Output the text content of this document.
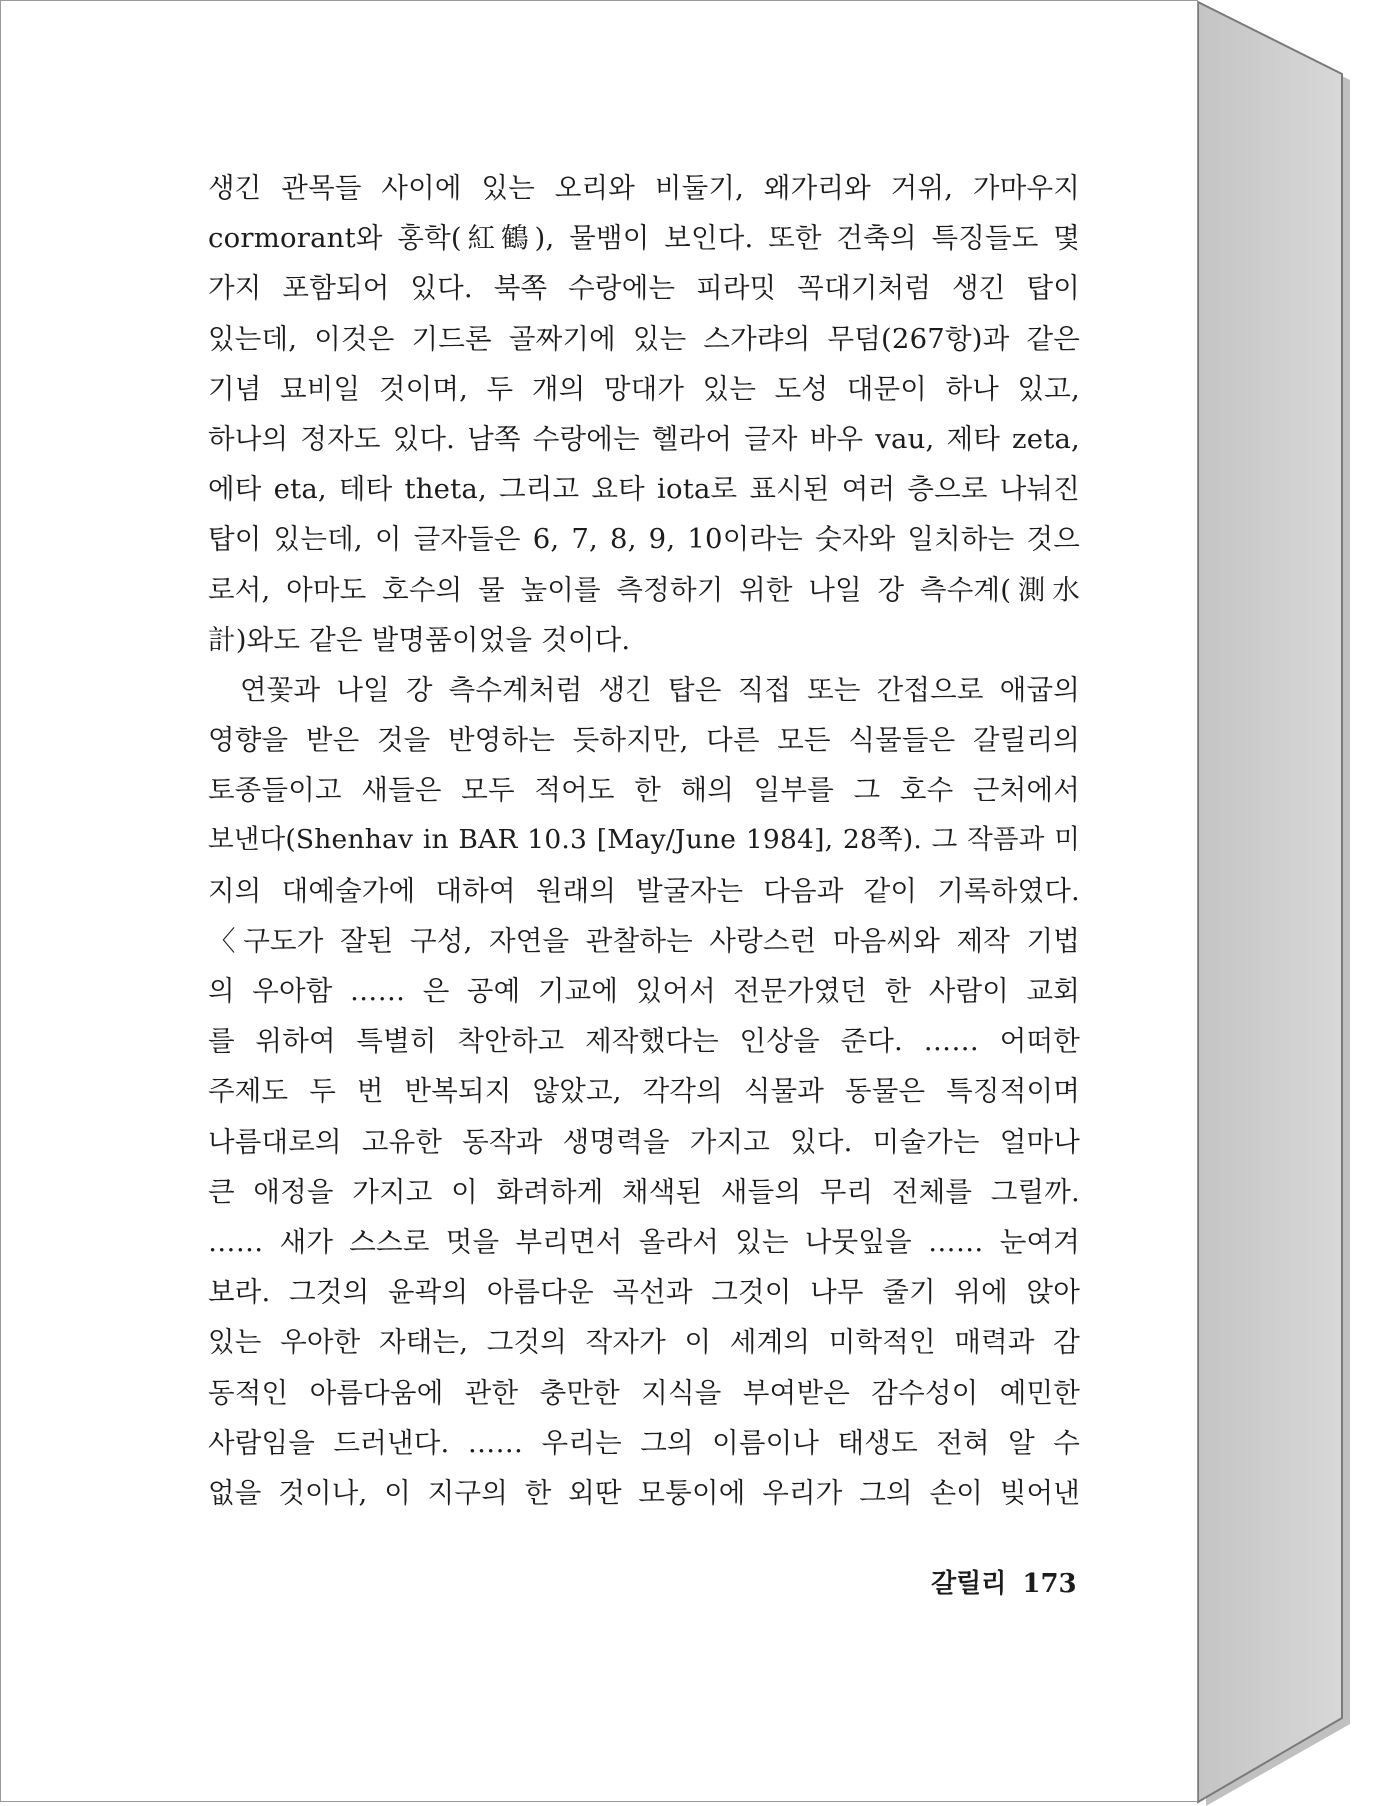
생긴 관목들 사이에 있는 오리와 비둘기, 왜가리와 거위, 가마우지
cormorant와 홍학(紅鶴), 물뱀이 보인다. 또한 건축의 특징들도 몇
가지 포함되어 있다. 북쪽 수랑에는 피라밋 꼭대기처럼 생긴 탑이
있는데, 이것은 기드론 골짜기에 있는 스가랴의 무덤(267항)과 같은
기념 묘비일 것이며, 두 개의 망대가 있는 도성 대문이 하나 있고,
하나의 정자도 있다. 남쪽 수랑에는 헬라어 글자 바우 vau, 제타 zeta,
에타 eta, 테타 theta, 그리고 요타 iota로 표시된 여러 층으로 나눠진
탑이 있는데, 이 글자들은 6, 7, 8, 9, 10이라는 숫자와 일치하는 것으
로서, 아마도 호수의 물 높이를 측정하기 위한 나일 강 측수계(測水
計)와도 같은 발명품이었을 것이다.
연꽃과 나일 강 측수계처럼 생긴 탑은 직접 또는 간접으로 애굽의
영향을 받은 것을 반영하는 듯하지만, 다른 모든 식물들은 갈릴리의
토종들이고 새들은 모두 적어도 한 해의 일부를 그 호수 근처에서
보낸다(Shenhav in BAR 10.3 [May/June 1984], 28쪽). 그 작픔과 미
지의 대예술가에 대하여 원래의 발굴자는 다음과 같이 기록하였다.
〈구도가 잘된 구성, 자연을 관찰하는 사랑스런 마음씨와 제작 기법
의 우아함 …… 은 공예 기교에 있어서 전문가였던 한 사람이 교회
를 위하여 특별히 착안하고 제작했다는 인상을 준다. …… 어떠한
주제도 두 번 반복되지 않았고, 각각의 식물과 동물은 특징적이며
나름대로의 고유한 동작과 생명력을 가지고 있다. 미술가는 얼마나
큰 애정을 가지고 이 화려하게 채색된 새들의 무리 전체를 그릴까.
…… 새가 스스로 멋을 부리면서 올라서 있는 나뭇잎을 …… 눈여겨
보라. 그것의 윤곽의 아름다운 곡선과 그것이 나무 줄기 위에 앉아
있는 우아한 자태는, 그것의 작자가 이 세계의 미학적인 매력과 감
동적인 아름다움에 관한 충만한 지식을 부여받은 감수성이 예민한
사람임을 드러낸다. …… 우리는 그의 이름이나 태생도 전혀 알 수
없을 것이나, 이 지구의 한 외딴 모퉁이에 우리가 그의 손이 빚어낸
갈릴리 173
